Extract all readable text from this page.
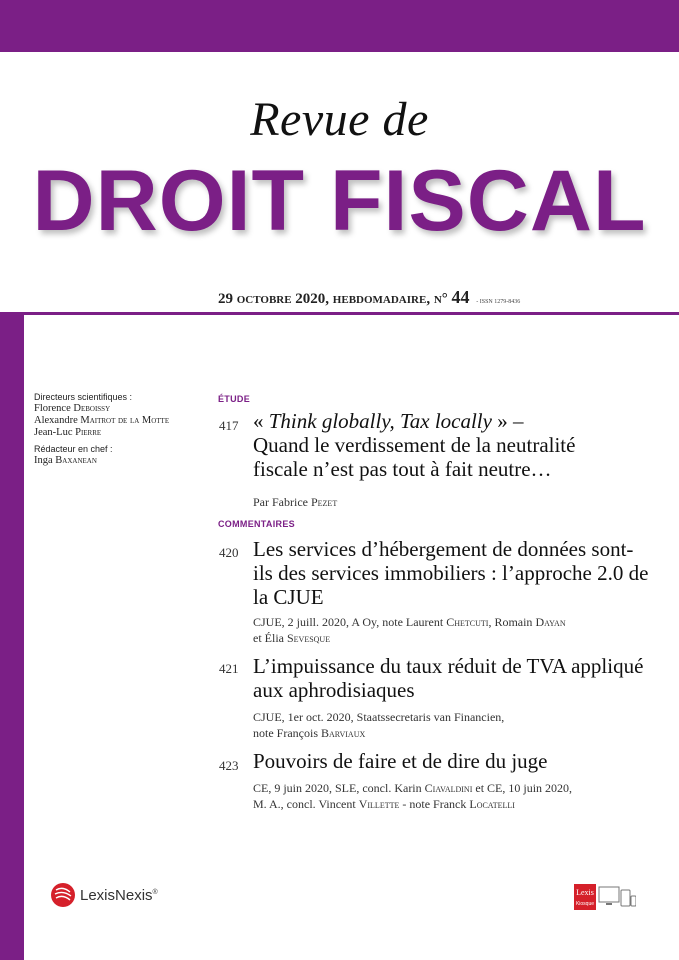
Revue de
DROIT FISCAL
29 octobre 2020, hebdomadaire, n° 44 - ISSN 1279-8436
Directeurs scientifiques :
Florence Deboissy
Alexandre Maitrot de la Motte
Jean-Luc Pierre
Rédacteur en chef :
Inga Baxanean
ÉTUDE
417 « Think globally, Tax locally » –
Quand le verdissement de la neutralité
fiscale n’est pas tout à fait neutre…
Par Fabrice Pezet
COMMENTAIRES
420 Les services d’hébergement de données sont-ils des services immobiliers : l’approche 2.0 de la CJUE
CJUE, 2 juill. 2020, A Oy, note Laurent Chetcuti, Romain Dayan
et Élia Sevesque
421 L’impuissance du taux réduit de TVA appliqué aux aphrodisiaques
CJUE, 1er oct. 2020, Staatssecretaris van Financien,
note François Barviaux
423 Pouvoirs de faire et de dire du juge
CE, 9 juin 2020, SLE, concl. Karin Ciavaldini et CE, 10 juin 2020,
M. A., concl. Vincent Villette - note Franck Locatelli
LexisNexis®	Lexis
Kiosque
